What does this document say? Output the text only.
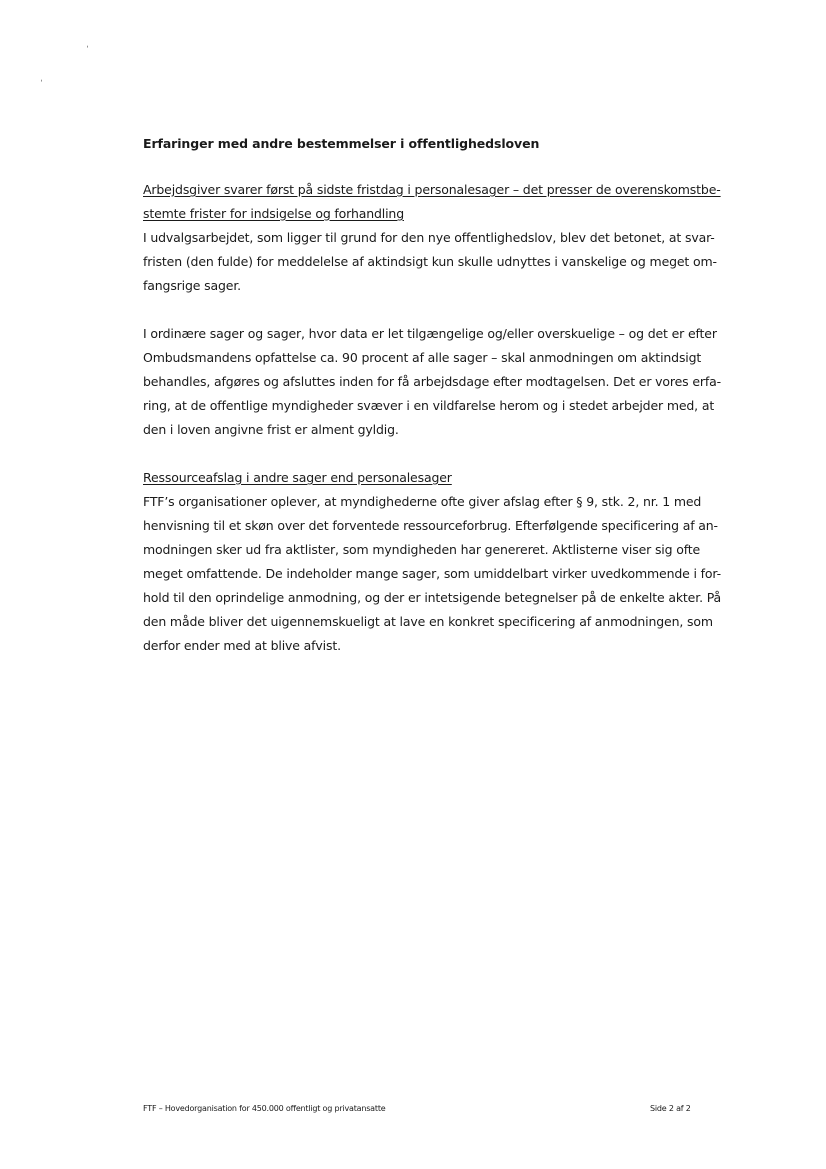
´
´
Erfaringer med andre bestemmelser i offentlighedsloven
Arbejdsgiver svarer først på sidste fristdag i personalesager – det presser de overenskomstbe-
stemte frister for indsigelse og forhandling
I udvalgsarbejdet, som ligger til grund for den nye offentlighedslov, blev det betonet, at svar-
fristen (den fulde) for meddelelse af aktindsigt kun skulle udnyttes i vanskelige og meget om-
fangsrige sager.
I ordinære sager og sager, hvor data er let tilgængelige og/eller overskuelige – og det er efter
Ombudsmandens opfattelse ca. 90 procent af alle sager – skal anmodningen om aktindsigt
behandles, afgøres og afsluttes inden for få arbejdsdage efter modtagelsen. Det er vores erfa-
ring, at de offentlige myndigheder svæver i en vildfarelse herom og i stedet arbejder med, at
den i loven angivne frist er alment gyldig.
Ressourceafslag i andre sager end personalesager
FTF’s organisationer oplever, at myndighederne ofte giver afslag efter § 9, stk. 2, nr. 1 med
henvisning til et skøn over det forventede ressourceforbrug. Efterfølgende specificering af an-
modningen sker ud fra aktlister, som myndigheden har genereret. Aktlisterne viser sig ofte
meget omfattende. De indeholder mange sager, som umiddelbart virker uvedkommende i for-
hold til den oprindelige anmodning, og der er intetsigende betegnelser på de enkelte akter. På
den måde bliver det uigennemskueligt at lave en konkret specificering af anmodningen, som
derfor ender med at blive afvist.
FTF – Hovedorganisation for 450.000 offentligt og privatansatte	Side 2 af 2
